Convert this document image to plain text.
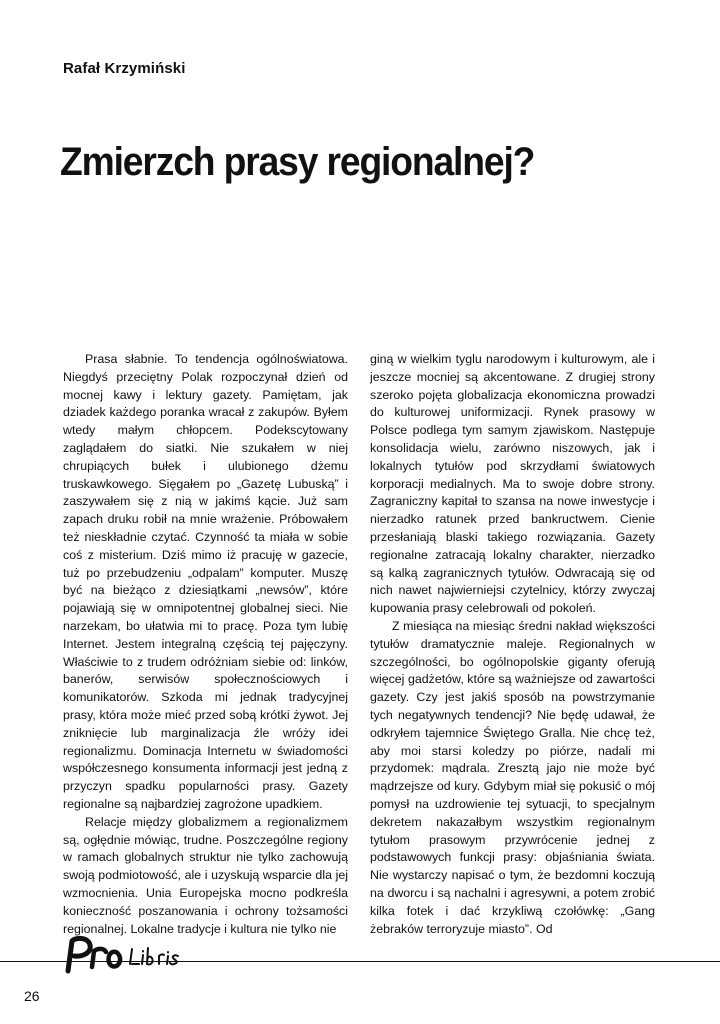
Rafał Krzymiński
Zmierzch prasy regionalnej?

Prasa słabnie. To tendencja ogólnoświatowa. Niegdyś przeciętny Polak rozpoczynał dzień od mocnej kawy i lektury gazety. Pamiętam, jak dziadek każdego poranka wracał z zakupów. Byłem wtedy małym chłopcem. Podekscytowany zaglądałem do siatki. Nie szukałem w niej chrupiących bułek i ulubionego dżemu truskawkowego. Sięgałem po „Gazetę Lubuską” i zaszywałem się z nią w jakimś kącie. Już sam zapach druku robił na mnie wrażenie. Próbowałem też nieskładnie czytać. Czynność ta miała w sobie coś z misterium. Dziś mimo iż pracuję w gazecie, tuż po przebudzeniu „odpalam” komputer. Muszę być na bieżąco z dziesiątkami „newsów”, które pojawiają się w omnipotentnej globalnej sieci. Nie narzekam, bo ułatwia mi to pracę. Poza tym lubię Internet. Jestem integralną częścią tej pajęczyny. Właściwie to z trudem odróżniam siebie od: linków, banerów, serwisów społecznościowych i komunikatorów. Szkoda mi jednak tradycyjnej prasy, która może mieć przed sobą krótki żywot. Jej zniknięcie lub marginalizacja źle wróży idei regionalizmu. Dominacja Internetu w świadomości współczesnego konsumenta informacji jest jedną z przyczyn spadku popularności prasy. Gazety regionalne są najbardziej zagrożone upadkiem.

Relacje między globalizmem a regionalizmem są, ogłędnie mówiąc, trudne. Poszczególne regiony w ramach globalnych struktur nie tylko zachowują swoją podmiotowość, ale i uzyskują wsparcie dla jej wzmocnienia. Unia Europejska mocno podkreśla konieczność poszanowania i ochrony tożsamości regionalnej. Lokalne tradycje i kultura nie tylko nie

giną w wielkim tyglu narodowym i kulturowym, ale i jeszcze mocniej są akcentowane. Z drugiej strony szeroko pojęta globalizacja ekonomiczna prowadzi do kulturowej uniformizacji. Rynek prasowy w Polsce podlega tym samym zjawiskom. Następuje konsolidacja wielu, zarówno niszowych, jak i lokalnych tytułów pod skrzydłami światowych korporacji medialnych. Ma to swoje dobre strony. Zagraniczny kapitał to szansa na nowe inwestycje i nierzadko ratunek przed bankructwem. Cienie przesłaniają blaski takiego rozwiązania. Gazety regionalne zatracają lokalny charakter, nierzadko są kalką zagranicznych tytułów. Odwracają się od nich nawet najwierniejsi czytelnicy, którzy zwyczaj kupowania prasy celebrowali od pokoleń.

Z miesiąca na miesiąc średni nakład większości tytułów dramatycznie maleje. Regionalnych w szczególności, bo ogólnopolskie giganty oferują więcej gadżetów, które są ważniejsze od zawartości gazety. Czy jest jakiś sposób na powstrzymanie tych negatywnych tendencji? Nie będę udawał, że odkryłem tajemnice Świętego Gralla. Nie chcę też, aby moi starsi koledzy po piórze, nadali mi przydomek: mądrala. Zresztą jajo nie może być mądrzejsze od kury. Gdybym miał się pokusić o mój pomysł na uzdrowienie tej sytuacji, to specjalnym dekretem nakazałbym wszystkim regionalnym tytułom prasowym przywrócenie jednej z podstawowych funkcji prasy: objaśniania świata. Nie wystarczy napisać o tym, że bezdomni koczują na dworcu i są nachalni i agresywni, a potem zrobić kilka fotek i dać krzykliwą czołówkę: „Gang żebraków terroryzuje miasto”. Od

26
